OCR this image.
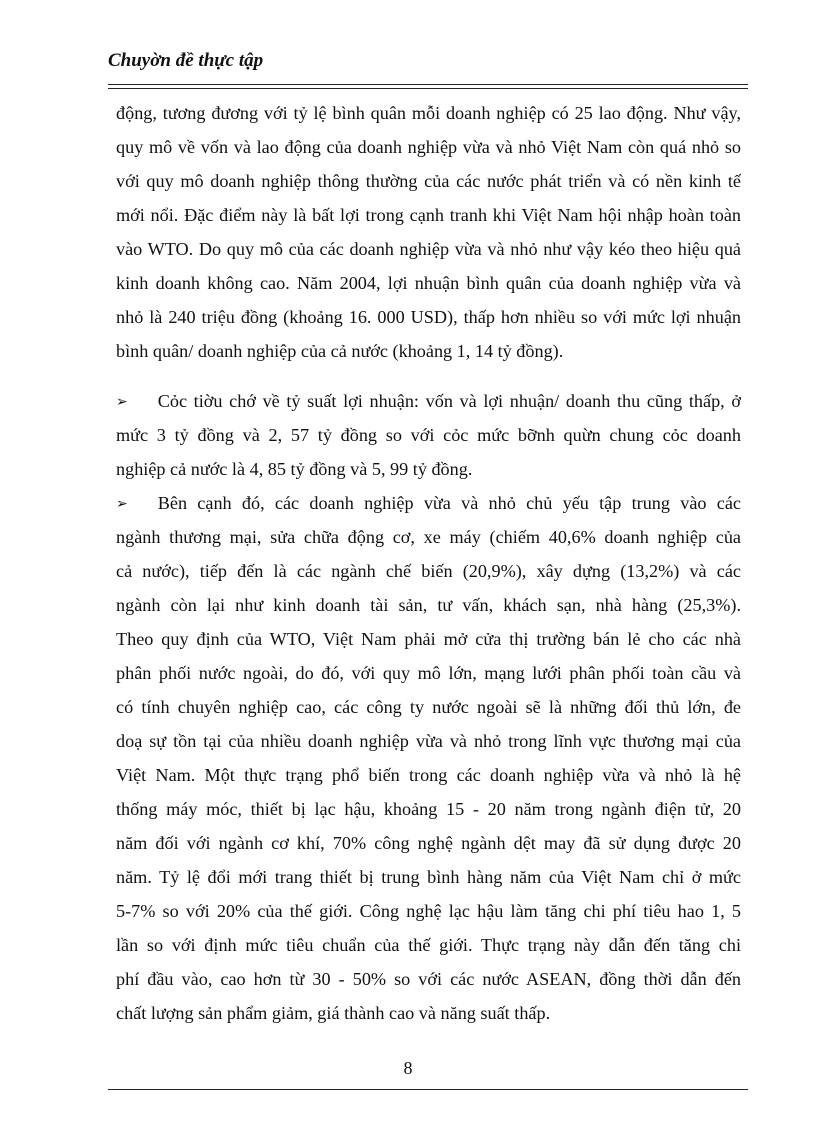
Chuyờn đề thực tập
động, tương đương với tỷ lệ bình quân mỗi doanh nghiệp có 25 lao động. Như vậy,
quy mô về vốn và lao động của doanh nghiệp vừa và nhỏ Việt Nam còn quá nhỏ so
với quy mô doanh nghiệp thông thường của các nước phát triển và có nền kinh tế
mới nổi. Đặc điểm này là bất lợi trong cạnh tranh khi Việt Nam hội nhập hoàn toàn
vào WTO. Do quy mô của các doanh nghiệp vừa và nhỏ như vậy kéo theo hiệu quả
kinh doanh không cao. Năm 2004, lợi nhuận bình quân của doanh nghiệp vừa và
nhỏ là 240 triệu đồng (khoảng 16. 000 USD), thấp hơn nhiều so với mức lợi nhuận
bình quân/ doanh nghiệp của cả nước (khoảng 1, 14 tỷ đồng).
➢ Cỏc tiờu chớ về tỷ suất lợi nhuận: vốn và lợi nhuận/ doanh thu cũng thấp, ở
mức 3 tỷ đồng và 2, 57 tỷ đồng so với cỏc mức bỡnh quừn chung cỏc doanh
nghiệp cả nước là 4, 85 tỷ đồng và 5, 99 tỷ đồng.
➢ Bên cạnh đó, các doanh nghiệp vừa và nhỏ chủ yếu tập trung vào các
ngành thương mại, sửa chữa động cơ, xe máy (chiếm 40,6% doanh nghiệp của
cả nước), tiếp đến là các ngành chế biến (20,9%), xây dựng (13,2%) và các
ngành còn lại như kinh doanh tài sản, tư vấn, khách sạn, nhà hàng (25,3%).
Theo quy định của WTO, Việt Nam phải mở cửa thị trường bán lẻ cho các nhà
phân phối nước ngoài, do đó, với quy mô lớn, mạng lưới phân phối toàn cầu và
có tính chuyên nghiệp cao, các công ty nước ngoài sẽ là những đối thủ lớn, đe
doạ sự tồn tại của nhiều doanh nghiệp vừa và nhỏ trong lĩnh vực thương mại của
Việt Nam. Một thực trạng phổ biến trong các doanh nghiệp vừa và nhỏ là hệ
thống máy móc, thiết bị lạc hậu, khoảng 15 - 20 năm trong ngành điện tử, 20
năm đối với ngành cơ khí, 70% công nghệ ngành dệt may đã sử dụng được 20
năm. Tỷ lệ đổi mới trang thiết bị trung bình hàng năm của Việt Nam chỉ ở mức
5-7% so với 20% của thế giới. Công nghệ lạc hậu làm tăng chi phí tiêu hao 1, 5
lần so với định mức tiêu chuẩn của thế giới. Thực trạng này dẫn đến tăng chi
phí đầu vào, cao hơn từ 30 - 50% so với các nước ASEAN, đồng thời dẫn đến
chất lượng sản phẩm giảm, giá thành cao và năng suất thấp.
8
